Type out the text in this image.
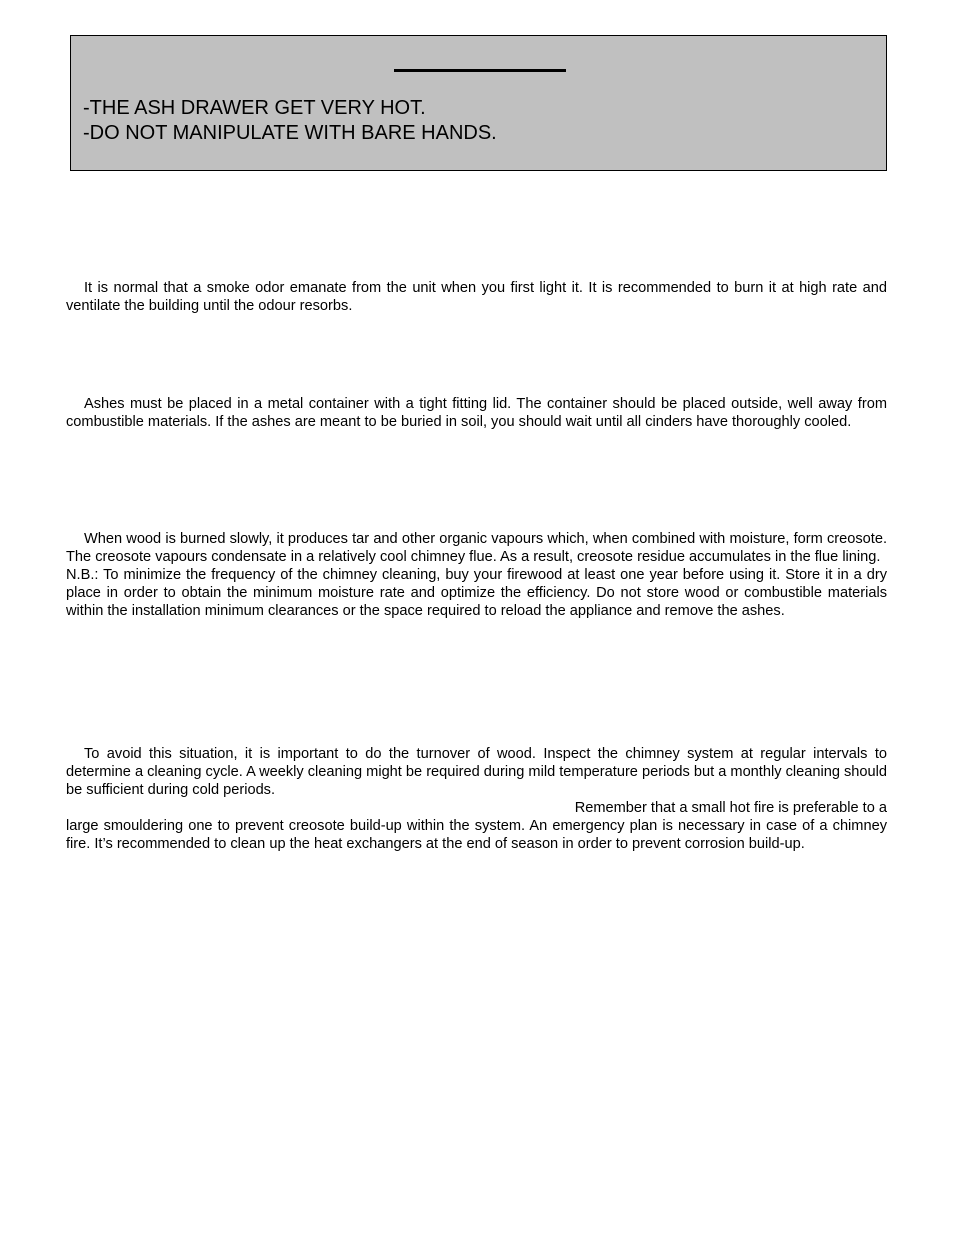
-THE ASH DRAWER GET VERY HOT.
-DO NOT MANIPULATE WITH BARE HANDS.

It is normal that a smoke odor emanate from the unit when you first light it. It is recommended to burn it at high rate and ventilate the building until the odour resorbs.

Ashes must be placed in a metal container with a tight fitting lid. The container should be placed outside, well away from combustible materials. If the ashes are meant to be buried in soil, you should wait until all cinders have thoroughly cooled.

When wood is burned slowly, it produces tar and other organic vapours which, when combined with moisture, form creosote. The creosote vapours condensate in a relatively cool chimney flue. As a result, creosote residue accumulates in the flue lining.

N.B.: To minimize the frequency of the chimney cleaning, buy your firewood at least one year before using it. Store it in a dry place in order to obtain the minimum moisture rate and optimize the efficiency. Do not store wood or combustible materials within the installation minimum clearances or the space required to reload the appliance and remove the ashes.

To avoid this situation, it is important to do the turnover of wood. Inspect the chimney system at regular intervals to determine a cleaning cycle. A weekly cleaning might be required during mild temperature periods but a monthly cleaning should be sufficient during cold periods.

Remember that a small hot fire is preferable to a

large smouldering one to prevent creosote build-up within the system. An emergency plan is necessary in case of a chimney fire. It’s recommended to clean up the heat exchangers at the end of season in order to prevent corrosion build-up.
